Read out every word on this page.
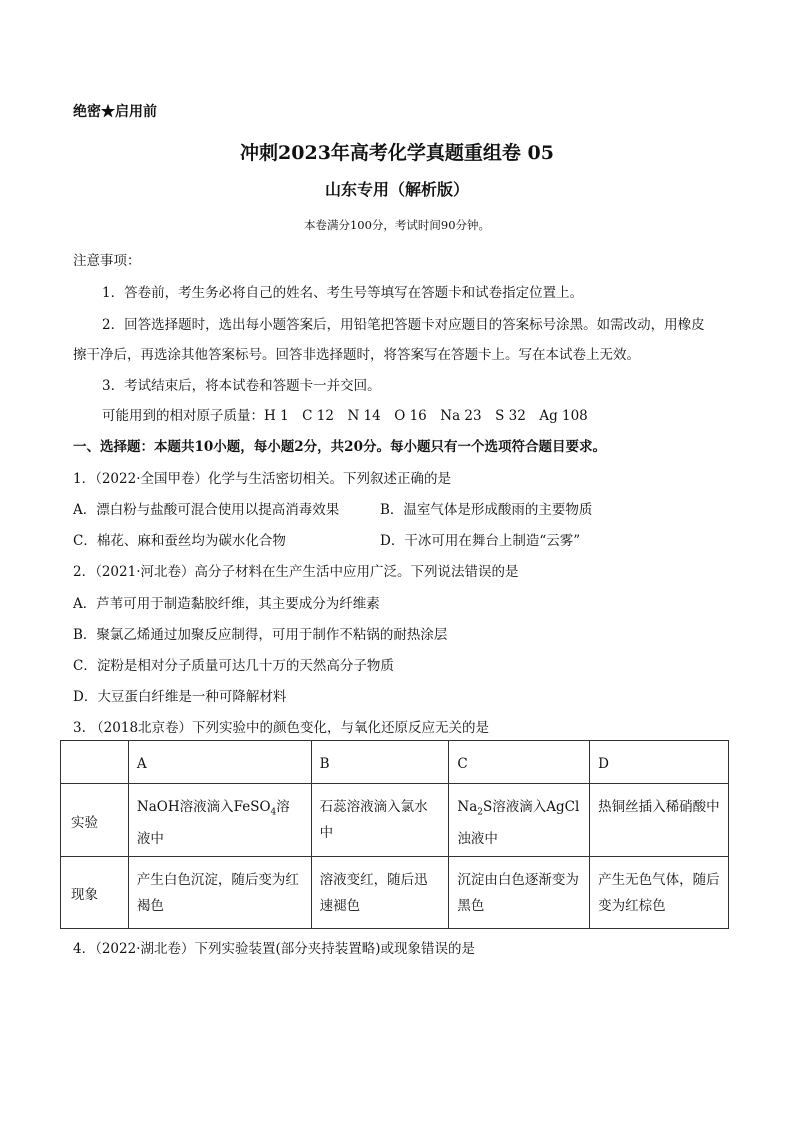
绝密★启用前
冲刺2023年高考化学真题重组卷 05
山东专用（解析版）
本卷满分100分，考试时间90分钟。
注意事项：
1．答卷前，考生务必将自己的姓名、考生号等填写在答题卡和试卷指定位置上。
2．回答选择题时，选出每小题答案后，用铅笔把答题卡对应题目的答案标号涂黑。如需改动，用橡皮
擦干净后，再选涂其他答案标号。回答非选择题时，将答案写在答题卡上。写在本试卷上无效。
3．考试结束后，将本试卷和答题卡一并交回。
可能用到的相对原子质量：H 1　C 12　N 14　O 16　Na 23　S 32　Ag 108
一、选择题：本题共10小题，每小题2分，共20分。每小题只有一个选项符合题目要求。
1．（2022·全国甲卷）化学与生活密切相关。下列叙述正确的是
A．漂白粉与盐酸可混合使用以提高消毒效果	B．温室气体是形成酸雨的主要物质
C．棉花、麻和蚕丝均为碳水化合物	D．干冰可用在舞台上制造“云雾”
2．（2021·河北卷）高分子材料在生产生活中应用广泛。下列说法错误的是
A．芦苇可用于制造黏胶纤维，其主要成分为纤维素
B．聚氯乙烯通过加聚反应制得，可用于制作不粘锅的耐热涂层
C．淀粉是相对分子质量可达几十万的天然高分子物质
D．大豆蛋白纤维是一种可降解材料
3. （2018北京卷）下列实验中的颜色变化，与氧化还原反应无关的是
	A	B	C	D
实验	NaOH溶液滴入FeSO$_4$溶液中	石蕊溶液滴入氯水中	$Na_2S$溶液滴入AgCl浊液中	热铜丝插入稀硝酸中
现象	产生白色沉淀，随后变为红褐色	溶液变红，随后迅速褪色	沉淀由白色逐渐变为黑色	产生无色气体，随后变为红棕色
4．（2022·湖北卷）下列实验装置(部分夹持装置略)或现象错误的是
